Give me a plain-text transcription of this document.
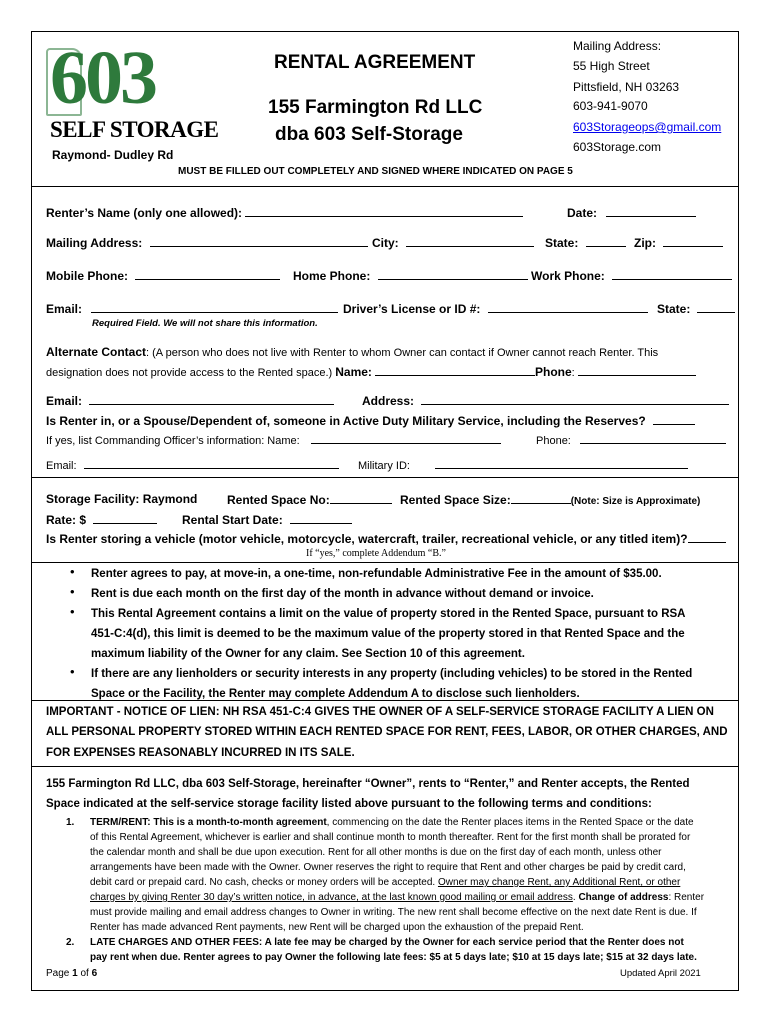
603
SELF STORAGE
Raymond- Dudley Rd
RENTAL AGREEMENT
155 Farmington Rd LLC
dba 603 Self-Storage
Mailing Address:
55 High Street
Pittsfield, NH 03263
603-941-9070
603Storageops@gmail.com
603Storage.com
MUST BE FILLED OUT COMPLETELY AND SIGNED WHERE INDICATED ON PAGE 5
Renter’s Name (only one allowed):	Date:
Mailing Address:	City:	State:	Zip:
Mobile Phone:	Home Phone:	Work Phone:
Email:	Driver’s License or ID #:	State:
Required Field. We will not share this information.
Alternate Contact: (A person who does not live with Renter to whom Owner can contact if Owner cannot reach Renter. This
designation does not provide access to the Rented space.) Name:	Phone:
Email:	Address:
Is Renter in, or a Spouse/Dependent of, someone in Active Duty Military Service, including the Reserves?
If yes, list Commanding Officer’s information: Name:	Phone:
Email:	Military ID:
Storage Facility: Raymond Rented Space No:	Rented Space Size:	(Note: Size is Approximate)
Rate: $	Rental Start Date:
Is Renter storing a vehicle (motor vehicle, motorcycle, watercraft, trailer, recreational vehicle, or any titled item)?
If “yes,” complete Addendum “B.”
•
Renter agrees to pay, at move-in, a one-time, non-refundable Administrative Fee in the amount of $35.00.
•
Rent is due each month on the first day of the month in advance without demand or invoice.
•
This Rental Agreement contains a limit on the value of property stored in the Rented Space, pursuant to RSA
451-C:4(d), this limit is deemed to be the maximum value of the property stored in that Rented Space and the
maximum liability of the Owner for any claim. See Section 10 of this agreement.
•
If there are any lienholders or security interests in any property (including vehicles) to be stored in the Rented
Space or the Facility, the Renter may complete Addendum A to disclose such lienholders.
IMPORTANT - NOTICE OF LIEN: NH RSA 451-C:4 GIVES THE OWNER OF A SELF-SERVICE STORAGE FACILITY A LIEN ON
ALL PERSONAL PROPERTY STORED WITHIN EACH RENTED SPACE FOR RENT, FEES, LABOR, OR OTHER CHARGES, AND
FOR EXPENSES REASONABLY INCURRED IN ITS SALE.
155 Farmington Rd LLC, dba 603 Self-Storage, hereinafter “Owner”, rents to “Renter,” and Renter accepts, the Rented
Space indicated at the self-service storage facility listed above pursuant to the following terms and conditions:
1. TERM/RENT: This is a month-to-month agreement, commencing on the date the Renter places items in the Rented Space or the date
of this Rental Agreement, whichever is earlier and shall continue month to month thereafter. Rent for the first month shall be prorated for
the calendar month and shall be due upon execution. Rent for all other months is due on the first day of each month, unless other
arrangements have been made with the Owner. Owner reserves the right to require that Rent and other charges be paid by credit card,
debit card or prepaid card. No cash, checks or money orders will be accepted. Owner may change Rent, any Additional Rent, or other
charges by giving Renter 30 day’s written notice, in advance, at the last known good mailing or email address. Change of address: Renter
must provide mailing and email address changes to Owner in writing. The new rent shall become effective on the next date Rent is due. If
Renter has made advanced Rent payments, new Rent will be charged upon the exhaustion of the prepaid Rent.
2. LATE CHARGES AND OTHER FEES: A late fee may be charged by the Owner for each service period that the Renter does not
pay rent when due. Renter agrees to pay Owner the following late fees: $5 at 5 days late; $10 at 15 days late; $15 at 32 days late.
Page 1 of 6	Updated April 2021
